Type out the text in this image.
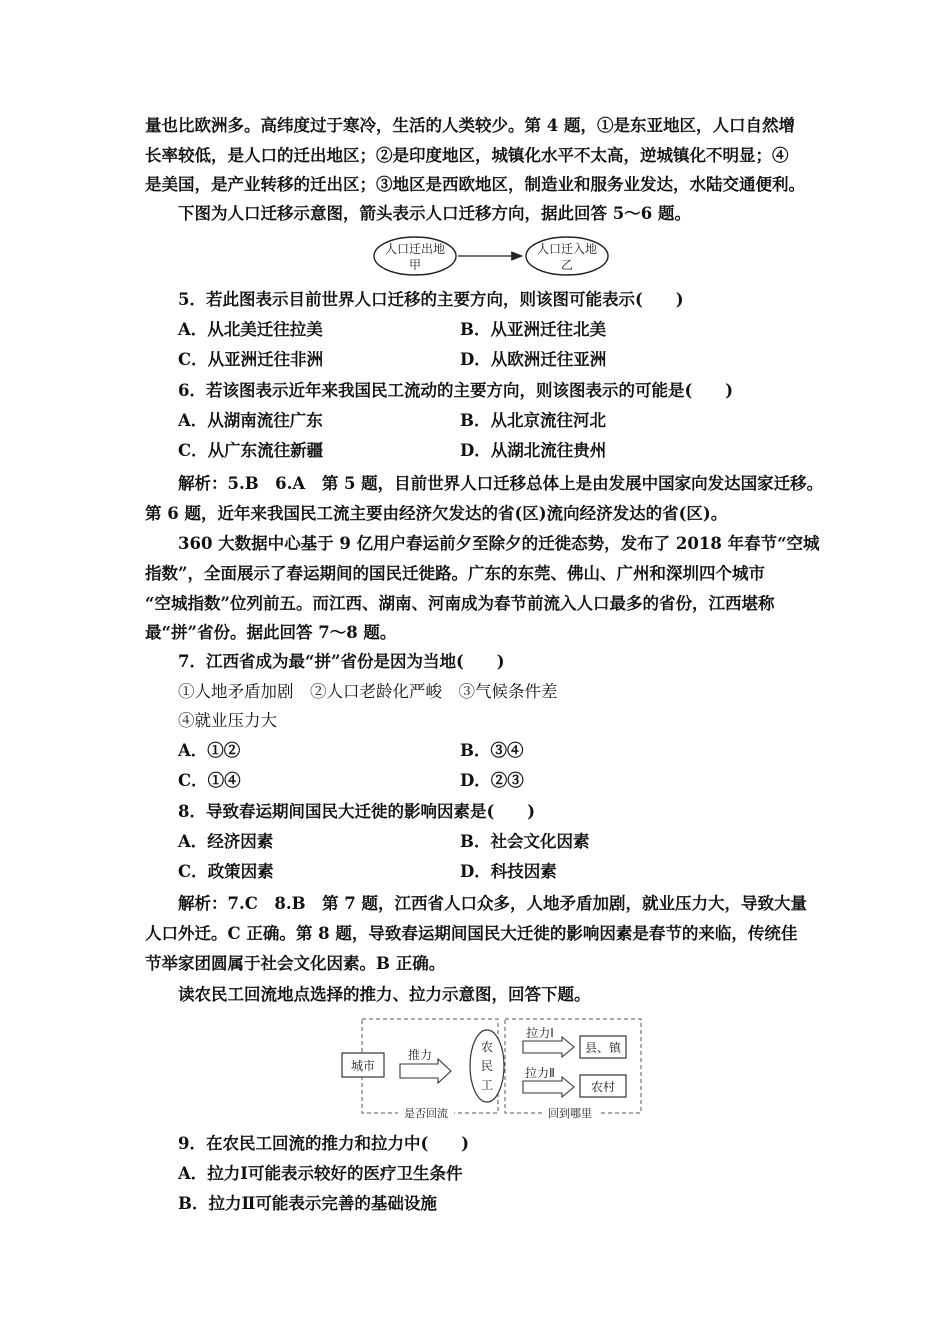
量也比欧洲多。高纬度过于寒冷，生活的人类较少。第 4 题，①是东亚地区，人口自然增
长率较低，是人口的迁出地区；②是印度地区，城镇化水平不太高，逆城镇化不明显；④
是美国，是产业转移的迁出区；③地区是西欧地区，制造业和服务业发达，水陆交通便利。
下图为人口迁移示意图，箭头表示人口迁移方向，据此回答 5～6 题。
人口迁出地
甲
人口迁入地
乙
5．若此图表示目前世界人口迁移的主要方向，则该图可能表示(　　)
A．从北美迁往拉美	B．从亚洲迁往北美
C．从亚洲迁往非洲	D．从欧洲迁往亚洲
6．若该图表示近年来我国民工流动的主要方向，则该图表示的可能是(　　)
A．从湖南流往广东	B．从北京流往河北
C．从广东流往新疆	D．从湖北流往贵州
解析：5.B　6.A　第 5 题，目前世界人口迁移总体上是由发展中国家向发达国家迁移。
第 6 题，近年来我国民工流主要由经济欠发达的省(区)流向经济发达的省(区)。
360 大数据中心基于 9 亿用户春运前夕至除夕的迁徙态势，发布了 2018 年春节“空城
指数”，全面展示了春运期间的国民迁徙路。广东的东莞、佛山、广州和深圳四个城市
“空城指数”位列前五。而江西、湖南、河南成为春节前流入人口最多的省份，江西堪称
最“拼”省份。据此回答 7～8 题。
7．江西省成为最“拼”省份是因为当地(　　)
①人地矛盾加剧　②人口老龄化严峻　③气候条件差
④就业压力大
A．①②	B．③④
C．①④	D．②③
8．导致春运期间国民大迁徙的影响因素是(　　)
A．经济因素	B．社会文化因素
C．政策因素	D．科技因素
解析：7.C　8.B　第 7 题，江西省人口众多，人地矛盾加剧，就业压力大，导致大量
人口外迁。C 正确。第 8 题，导致春运期间国民大迁徙的影响因素是春节的来临，传统佳
节举家团圆属于社会文化因素。B 正确。
读农民工回流地点选择的推力、拉力示意图，回答下题。
城市
推力
农
民
工
拉力Ⅰ
县、镇
拉力Ⅱ
农村
是否回流	回到哪里
9．在农民工回流的推力和拉力中(　　)
A．拉力Ⅰ可能表示较好的医疗卫生条件
B．拉力Ⅱ可能表示完善的基础设施
